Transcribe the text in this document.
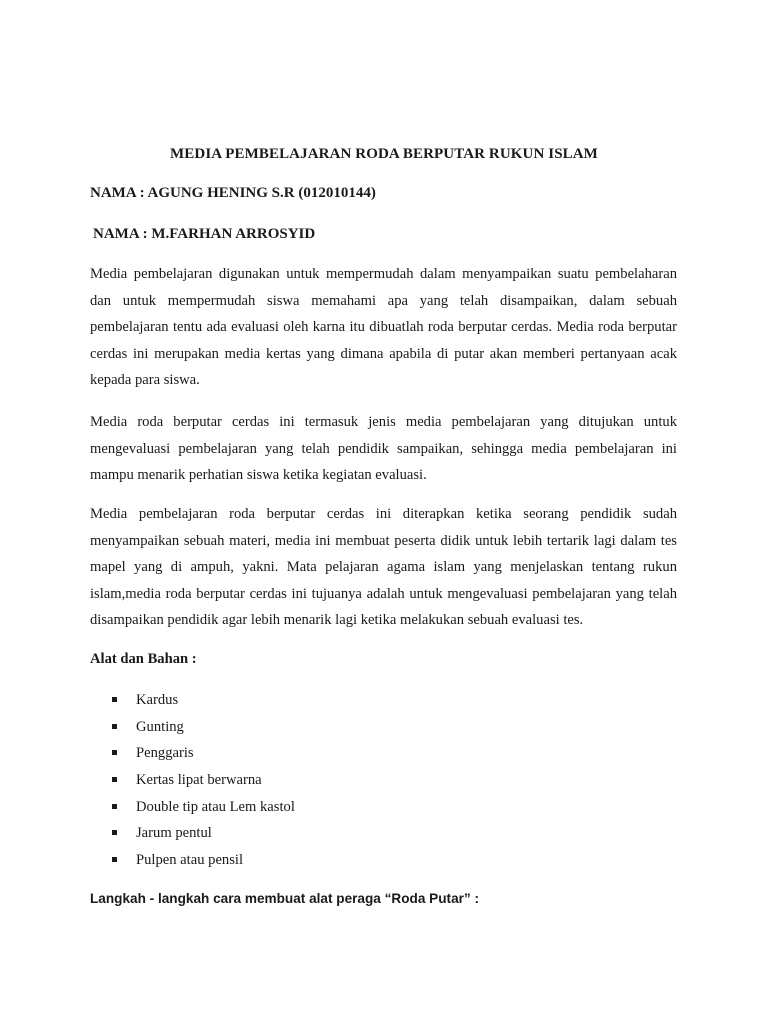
MEDIA PEMBELAJARAN RODA BERPUTAR RUKUN ISLAM
NAMA : AGUNG HENING S.R (012010144)
NAMA : M.FARHAN ARROSYID

Media pembelajaran digunakan untuk mempermudah dalam menyampaikan suatu pembelaharan dan untuk mempermudah siswa memahami apa yang telah disampaikan, dalam sebuah pembelajaran tentu ada evaluasi oleh karna itu dibuatlah roda berputar cerdas. Media roda berputar cerdas ini merupakan media kertas yang dimana apabila di putar akan memberi pertanyaan acak kepada para siswa.

Media roda berputar cerdas ini termasuk jenis media pembelajaran yang ditujukan untuk mengevaluasi pembelajaran yang telah pendidik sampaikan, sehingga media pembelajaran ini mampu menarik perhatian siswa ketika kegiatan evaluasi.

Media pembelajaran roda berputar cerdas ini diterapkan ketika seorang pendidik sudah menyampaikan sebuah materi, media ini membuat peserta didik untuk lebih tertarik lagi dalam tes mapel yang di ampuh, yakni. Mata pelajaran agama islam yang menjelaskan tentang rukun islam,media roda berputar cerdas ini tujuanya adalah untuk mengevaluasi pembelajaran yang telah disampaikan pendidik agar lebih menarik lagi ketika melakukan sebuah evaluasi tes.

Alat dan Bahan :
Kardus
Gunting
Penggaris
Kertas lipat berwarna
Double tip atau Lem kastol
Jarum pentul
Pulpen atau pensil
Langkah - langkah cara membuat alat peraga “Roda Putar” :
